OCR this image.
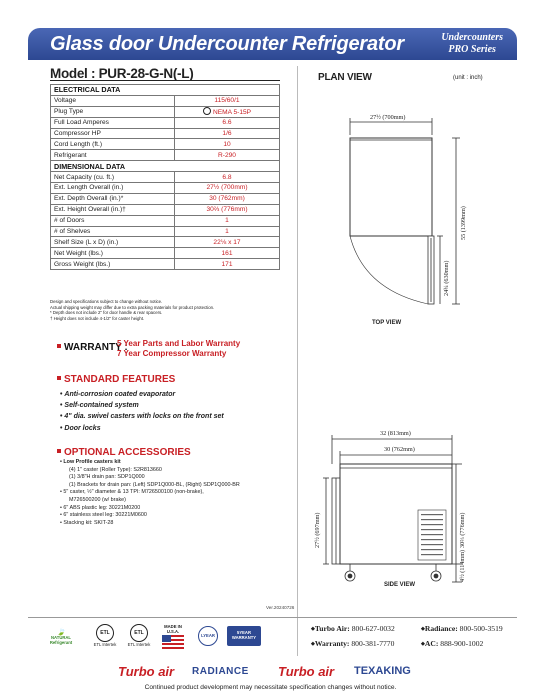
Glass door Undercounter Refrigerator	Undercounters
PRO Series
Model : PUR-28-G-N(-L)
ELECTRICAL DATA	
Voltage	115/60/1
Plug Type	NEMA 5-15P
Full Load Amperes	6.6
Compressor HP	1/6
Cord Length (ft.)	10
Refrigerant	R-290
DIMENSIONAL DATA	
Net Capacity (cu. ft.)	6.8
Ext. Length Overall (in.)	27½ (700mm)
Ext. Depth Overall (in.)*	30 (762mm)
Ext. Height Overall (in.)†	30⅔ (776mm)
# of Doors	1
# of Shelves	1
Shelf Size (L x D) (in.)	22⅛ x 17
Net Weight (lbs.)	161
Gross Weight (lbs.)	171
Design and specifications subject to change without notice.
Actual shipping weight may differ due to extra packing materials for product protection.
* Depth does not include 2" for door handle & rear spacers.
† Height does not include 4-1/2" for caster height.
WARRANTY :
5 Year Parts and Labor Warranty
7 Year Compressor Warranty
STANDARD FEATURES
• Anti-corrosion coated evaporator
• Self-contained system
• 4" dia. swivel casters with locks on the front set
• Door locks
OPTIONAL ACCESSORIES
• Low Profile casters kit
(4) 1" caster (Roller Type): S2R813660
(1) 3/8"H drain pan: SDP1Q000
(1) Brackets for drain pan: (Left) SDP1Q000-BL, (Right) SDP1Q000-BR
• 5" caster, ½" diameter & 13 TPI: M726500100 (non-brake),
M726500200 (w/ brake)
• 6" ABS plastic leg: 30221M0200
• 6" stainless steel leg: 30221M0600
• Stacking kit: SKIT-28
Ver.20240726
PLAN VIEW	(unit : inch)
27½ (700mm)
55 (1399mm)
24¾ (630mm)
TOP VIEW
32 (813mm)
30 (762mm)
27½ (697mm)	30⅔ (776mm)
4½ (114mm)
SIDE VIEW
🍃
NATURAL Refrigerant
ETL
ETL Intertek
ETL
ETL Intertek
MADE IN U.S.A.
LYEAR
5YEAR WARRANTY
◆ Turbo Air: 800-627-0032	◆ Radiance: 800-500-3519
◆ Warranty: 800-381-7770	◆ AC: 888-900-1002
Turbo air RADIANCE Turbo air TEXAKING
Continued product development may necessitate specification changes without notice.
